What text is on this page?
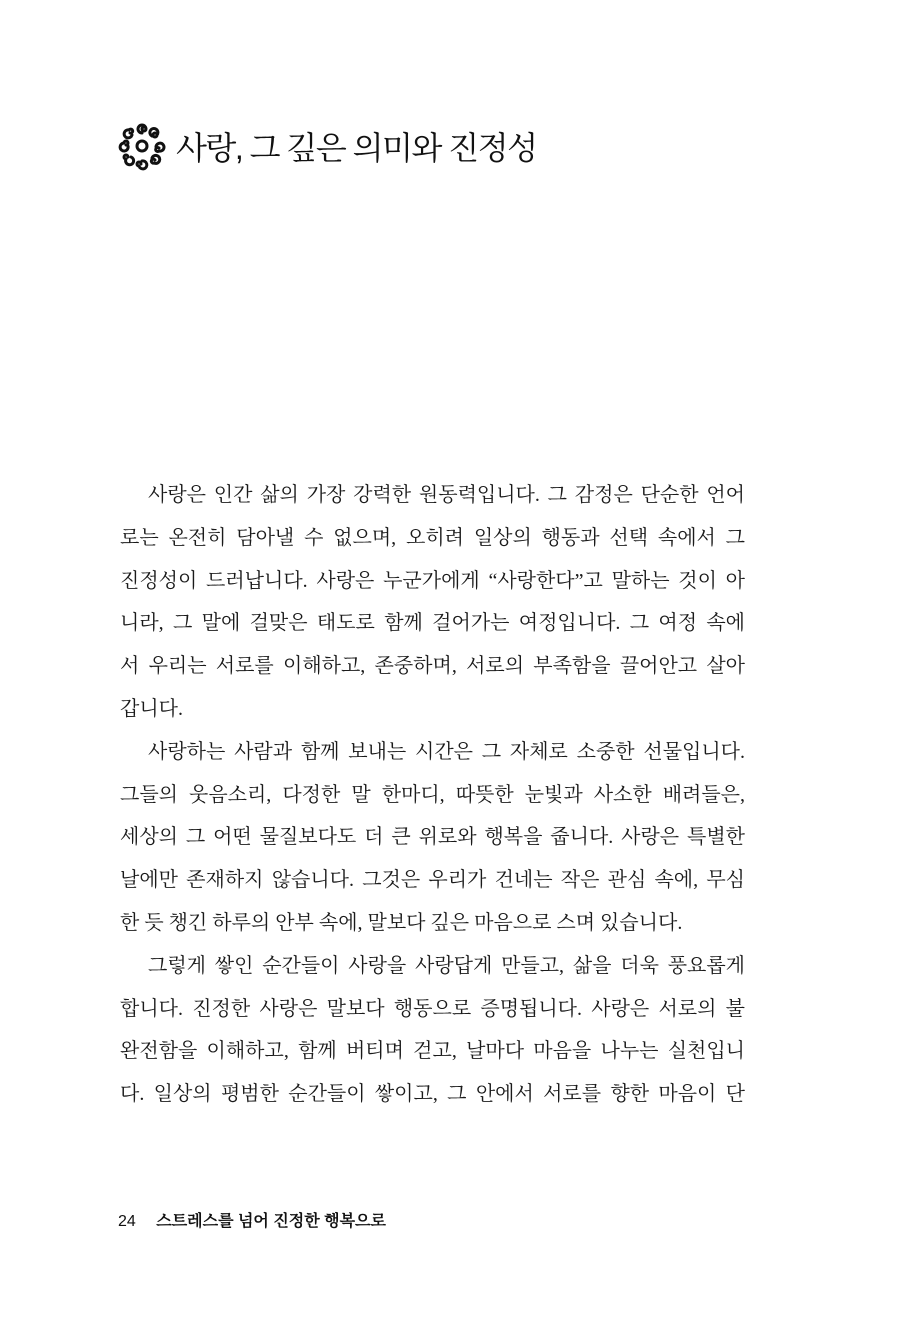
사랑, 그 깊은 의미와 진정성
사랑은 인간 삶의 가장 강력한 원동력입니다. 그 감정은 단순한 언어
로는 온전히 담아낼 수 없으며, 오히려 일상의 행동과 선택 속에서 그
진정성이 드러납니다. 사랑은 누군가에게 “사랑한다”고 말하는 것이 아
니라, 그 말에 걸맞은 태도로 함께 걸어가는 여정입니다. 그 여정 속에
서 우리는 서로를 이해하고, 존중하며, 서로의 부족함을 끌어안고 살아
갑니다.
사랑하는 사람과 함께 보내는 시간은 그 자체로 소중한 선물입니다.
그들의 웃음소리, 다정한 말 한마디, 따뜻한 눈빛과 사소한 배려들은,
세상의 그 어떤 물질보다도 더 큰 위로와 행복을 줍니다. 사랑은 특별한
날에만 존재하지 않습니다. 그것은 우리가 건네는 작은 관심 속에, 무심
한 듯 챙긴 하루의 안부 속에, 말보다 깊은 마음으로 스며 있습니다.
그렇게 쌓인 순간들이 사랑을 사랑답게 만들고, 삶을 더욱 풍요롭게
합니다. 진정한 사랑은 말보다 행동으로 증명됩니다. 사랑은 서로의 불
완전함을 이해하고, 함께 버티며 걷고, 날마다 마음을 나누는 실천입니
다. 일상의 평범한 순간들이 쌓이고, 그 안에서 서로를 향한 마음이 단
24 스트레스를 넘어 진정한 행복으로
